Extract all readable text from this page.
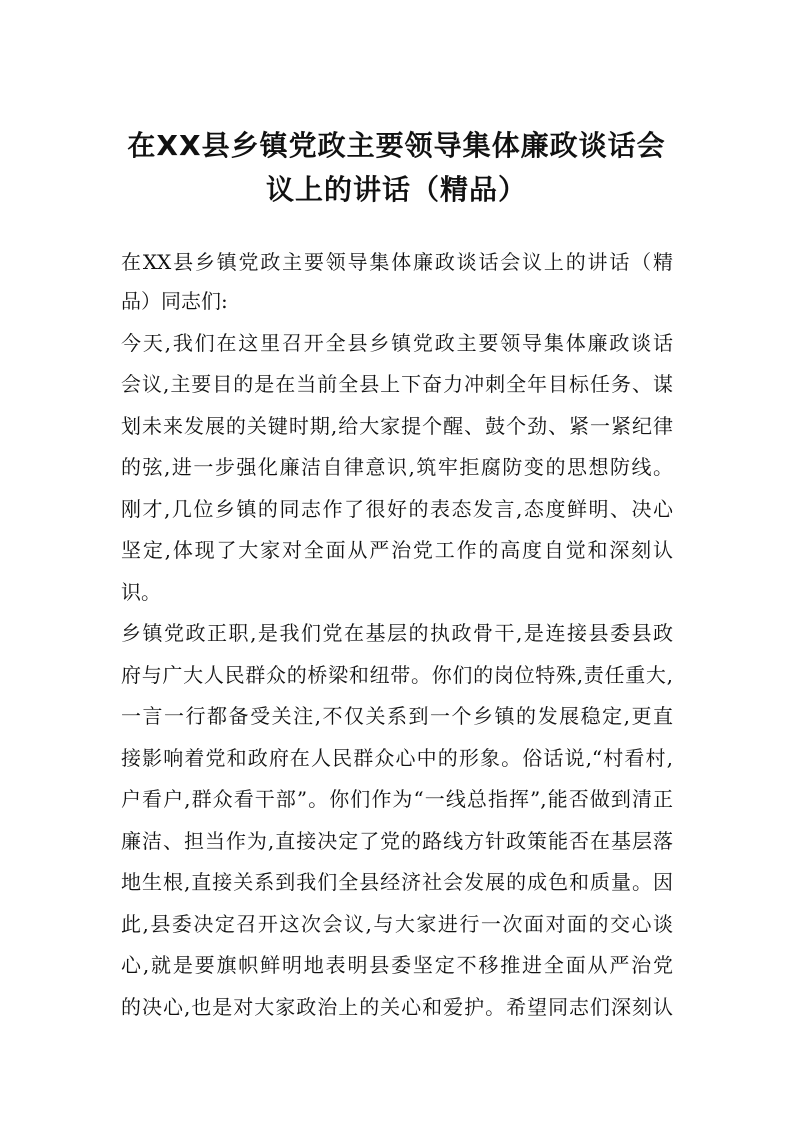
在XX县乡镇党政主要领导集体廉政谈话会
议上的讲话（精品）
在XX县乡镇党政主要领导集体廉政谈话会议上的讲话（精
品）同志们:
今天,我们在这里召开全县乡镇党政主要领导集体廉政谈话
会议,主要目的是在当前全县上下奋力冲刺全年目标任务、谋
划未来发展的关键时期,给大家提个醒、鼓个劲、紧一紧纪律
的弦,进一步强化廉洁自律意识,筑牢拒腐防变的思想防线。
刚才,几位乡镇的同志作了很好的表态发言,态度鲜明、决心
坚定,体现了大家对全面从严治党工作的高度自觉和深刻认
识。
乡镇党政正职,是我们党在基层的执政骨干,是连接县委县政
府与广大人民群众的桥梁和纽带。你们的岗位特殊,责任重大,
一言一行都备受关注,不仅关系到一个乡镇的发展稳定,更直
接影响着党和政府在人民群众心中的形象。俗话说,“村看村,
户看户,群众看干部”。你们作为“一线总指挥”,能否做到清正
廉洁、担当作为,直接决定了党的路线方针政策能否在基层落
地生根,直接关系到我们全县经济社会发展的成色和质量。因
此,县委决定召开这次会议,与大家进行一次面对面的交心谈
心,就是要旗帜鲜明地表明县委坚定不移推进全面从严治党
的决心,也是对大家政治上的关心和爱护。希望同志们深刻认
